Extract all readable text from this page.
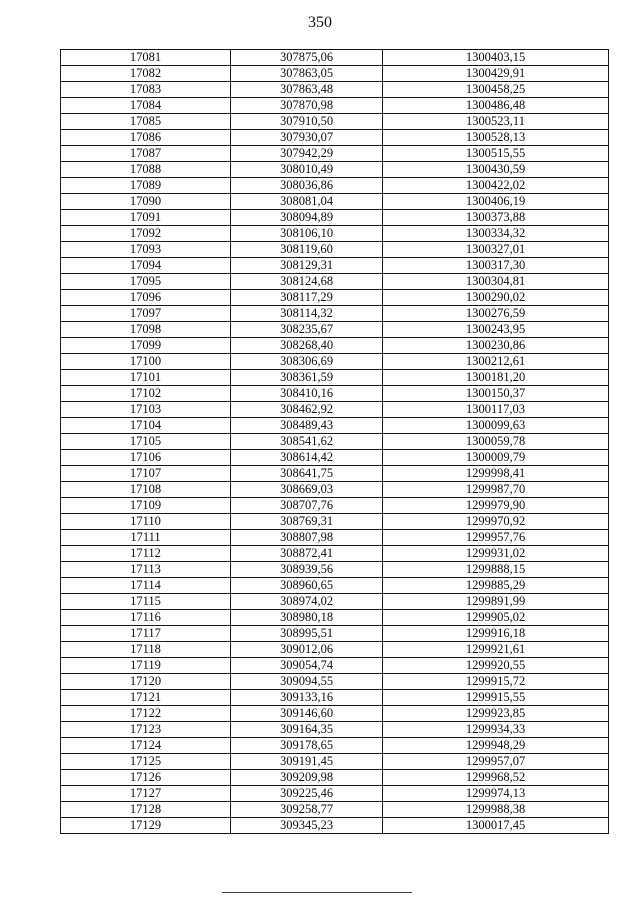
350
17081	307875,06	1300403,15
17082	307863,05	1300429,91
17083	307863,48	1300458,25
17084	307870,98	1300486,48
17085	307910,50	1300523,11
17086	307930,07	1300528,13
17087	307942,29	1300515,55
17088	308010,49	1300430,59
17089	308036,86	1300422,02
17090	308081,04	1300406,19
17091	308094,89	1300373,88
17092	308106,10	1300334,32
17093	308119,60	1300327,01
17094	308129,31	1300317,30
17095	308124,68	1300304,81
17096	308117,29	1300290,02
17097	308114,32	1300276,59
17098	308235,67	1300243,95
17099	308268,40	1300230,86
17100	308306,69	1300212,61
17101	308361,59	1300181,20
17102	308410,16	1300150,37
17103	308462,92	1300117,03
17104	308489,43	1300099,63
17105	308541,62	1300059,78
17106	308614,42	1300009,79
17107	308641,75	1299998,41
17108	308669,03	1299987,70
17109	308707,76	1299979,90
17110	308769,31	1299970,92
17111	308807,98	1299957,76
17112	308872,41	1299931,02
17113	308939,56	1299888,15
17114	308960,65	1299885,29
17115	308974,02	1299891,99
17116	308980,18	1299905,02
17117	308995,51	1299916,18
17118	309012,06	1299921,61
17119	309054,74	1299920,55
17120	309094,55	1299915,72
17121	309133,16	1299915,55
17122	309146,60	1299923,85
17123	309164,35	1299934,33
17124	309178,65	1299948,29
17125	309191,45	1299957,07
17126	309209,98	1299968,52
17127	309225,46	1299974,13
17128	309258,77	1299988,38
17129	309345,23	1300017,45
